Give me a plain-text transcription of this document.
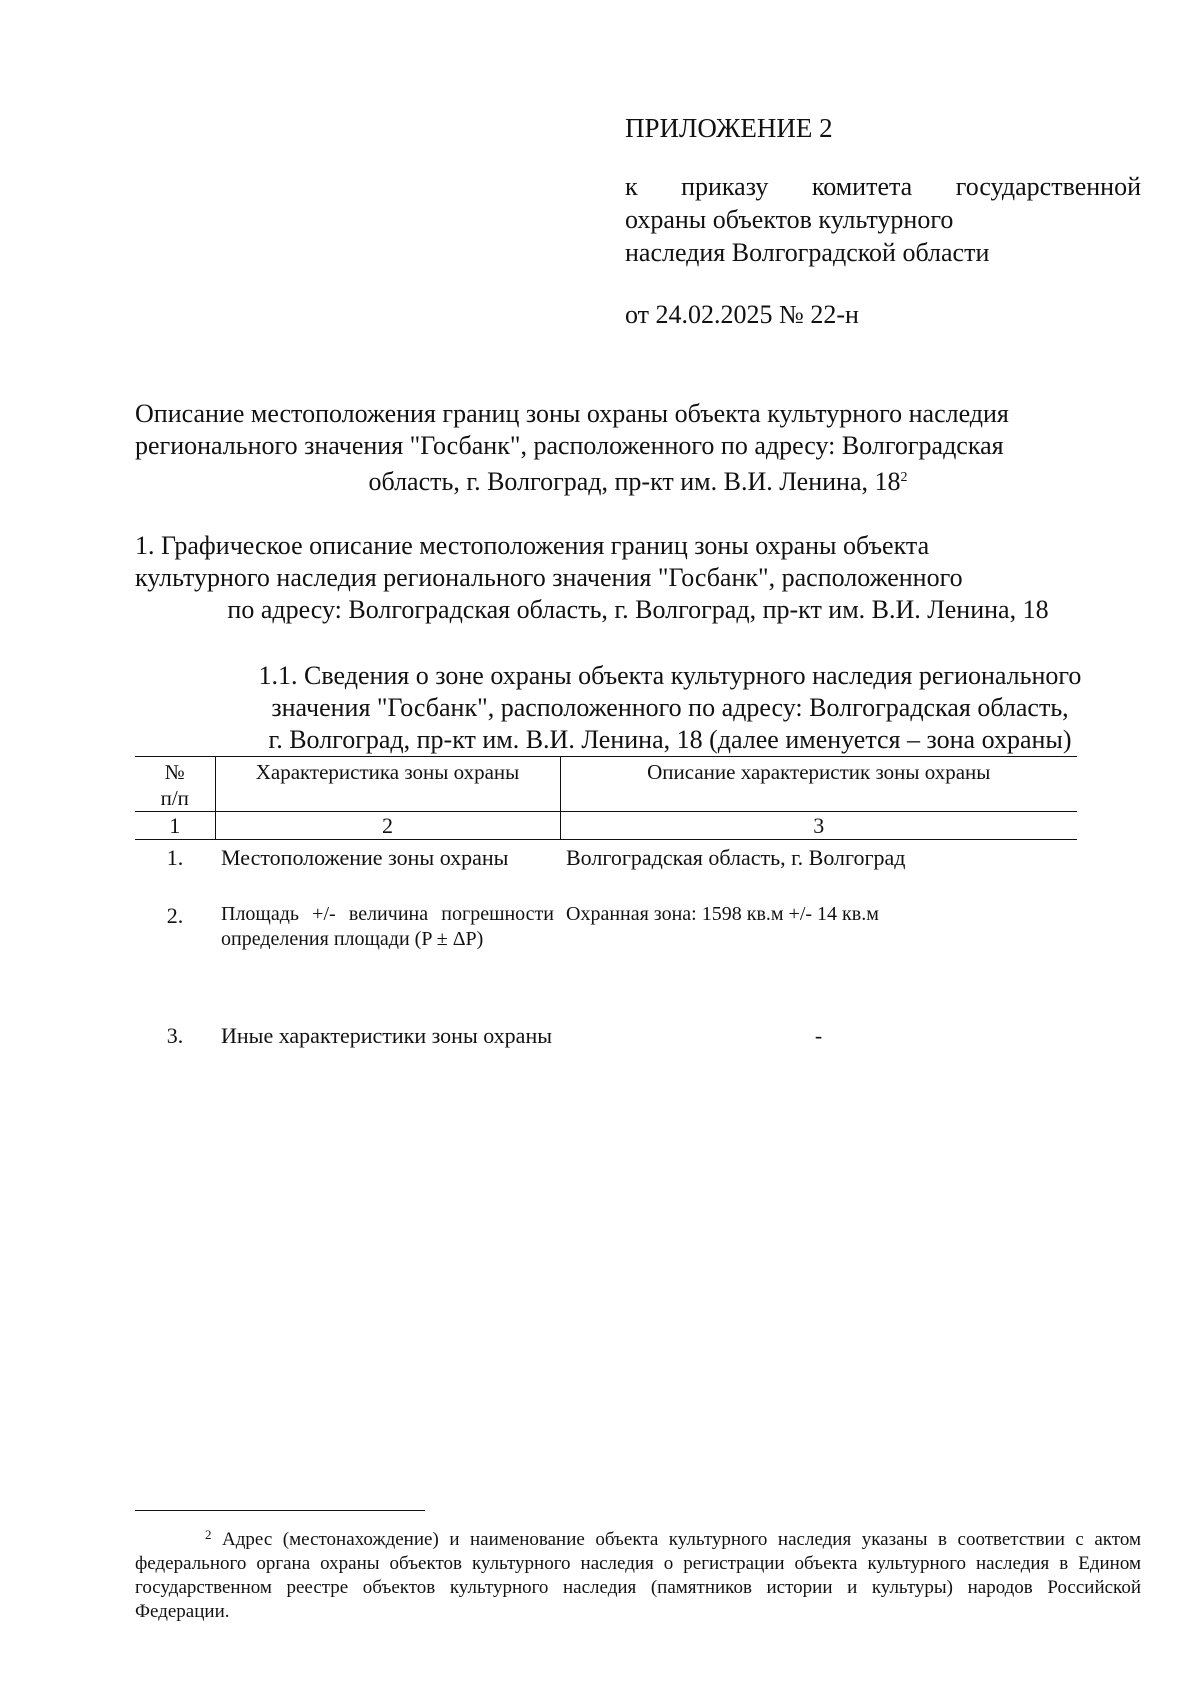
ПРИЛОЖЕНИЕ 2
к приказу комитета государственной
охраны объектов культурного
наследия Волгоградской области
от 24.02.2025 № 22-н
Описание местоположения границ зоны охраны объекта культурного наследия
регионального значения "Госбанк", расположенного по адресу: Волгоградская
область, г. Волгоград, пр-кт им. В.И. Ленина, 18$^2$
1. Графическое описание местоположения границ зоны охраны объекта
культурного наследия регионального значения "Госбанк", расположенного
по адресу: Волгоградская область, г. Волгоград, пр-кт им. В.И. Ленина, 18
1.1. Сведения о зоне охраны объекта культурного наследия регионального
значения "Госбанк", расположенного по адресу: Волгоградская область,
г. Волгоград, пр-кт им. В.И. Ленина, 18 (далее именуется – зона охраны)
№
п/п	Характеристика зоны охраны	Описание характеристик зоны охраны
1	2	3
1.	Местоположение зоны охраны	Волгоградская область, г. Волгоград
2.	Площадь +/- величина погрешности определения площади (P ± ΔP)	Охранная зона: 1598 кв.м +/- 14 кв.м
3.	Иные характеристики зоны охраны	-
$^2$ Адрес (местонахождение) и наименование объекта культурного наследия указаны в соответствии с актом федерального органа охраны объектов культурного наследия о регистрации объекта культурного наследия в Едином государственном реестре объектов культурного наследия (памятников истории и культуры) народов Российской Федерации.
